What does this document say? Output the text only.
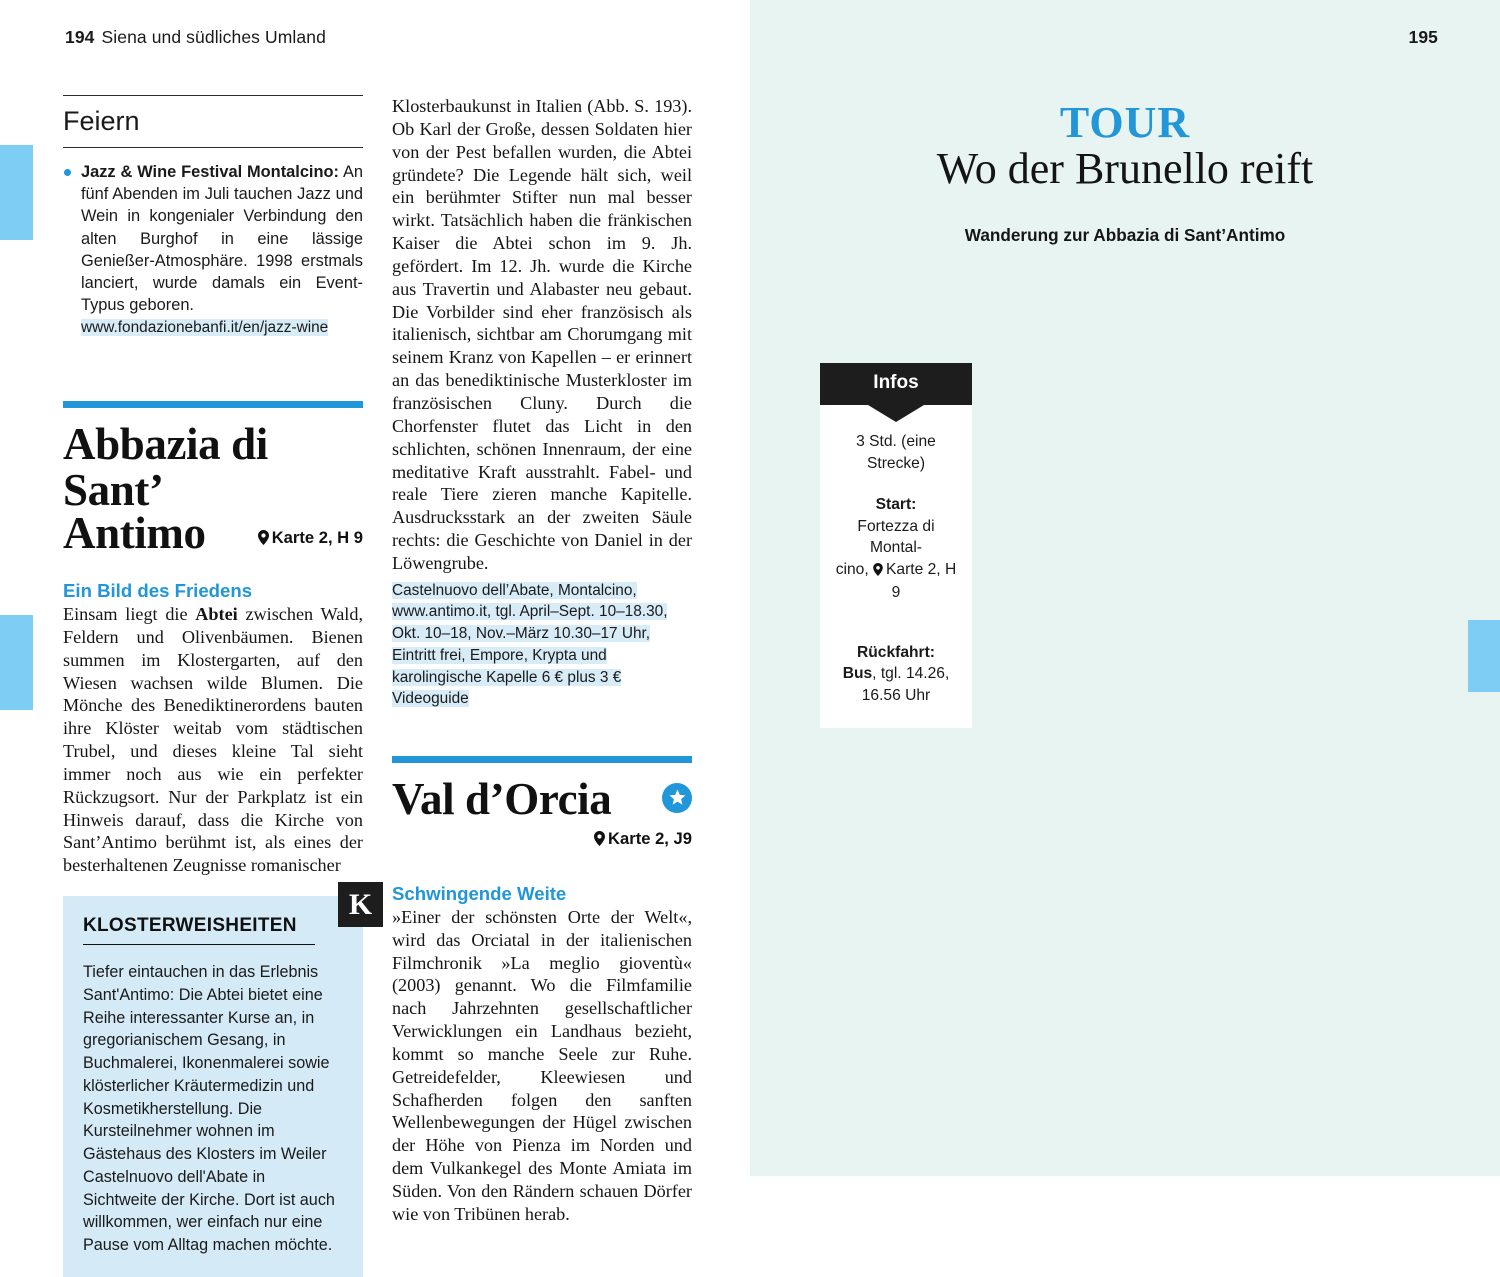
194 Siena und südliches Umland
Feiern
Jazz & Wine Festival Montalcino: An fünf Abenden im Juli tauchen Jazz und Wein in kongenialer Verbindung den alten Burghof in eine lässige Genießer-Atmosphäre. 1998 erstmals lanciert, wurde damals ein Event-Typus geboren.
www.fondazionebanfi.it/en/jazz-wine
Abbazia di Sant’
Antimo	Karte 2, H 9
Ein Bild des Friedens
Einsam liegt die Abtei zwischen Wald, Feldern und Olivenbäumen. Bienen summen im Klostergarten, auf den Wiesen wachsen wilde Blumen. Die Mönche des Benediktinerordens bauten ihre Klöster weitab vom städtischen Trubel, und dieses kleine Tal sieht immer noch aus wie ein perfekter Rückzugsort. Nur der Parkplatz ist ein Hinweis darauf, dass die Kirche von Sant’Antimo berühmt ist, als eines der besterhaltenen Zeugnisse romanischer
K
KLOSTERWEISHEITEN
Tiefer eintauchen in das Erlebnis Sant'Antimo: Die Abtei bietet eine Reihe interessanter Kurse an, in gregorianischem Gesang, in Buchmalerei, Ikonenmalerei sowie klösterlicher Kräutermedizin und Kosmetikherstellung. Die Kursteilnehmer wohnen im Gästehaus des Klosters im Weiler Castelnuovo dell'Abate in Sichtweite der Kirche. Dort ist auch willkommen, wer einfach nur eine Pause vom Alltag machen möchte.
Klosterbaukunst in Italien (Abb. S. 193). Ob Karl der Große, dessen Soldaten hier von der Pest befallen wurden, die Abtei gründete? Die Legende hält sich, weil ein berühmter Stifter nun mal besser wirkt. Tatsächlich haben die fränkischen Kaiser die Abtei schon im 9. Jh. gefördert. Im 12. Jh. wurde die Kirche aus Travertin und Alabaster neu gebaut. Die Vorbilder sind eher französisch als italienisch, sichtbar am Chorumgang mit seinem Kranz von Kapellen – er erinnert an das benediktinische Musterkloster im französischen Cluny. Durch die Chorfenster flutet das Licht in den schlichten, schönen Innenraum, der eine meditative Kraft ausstrahlt. Fabel- und reale Tiere zieren manche Kapitelle. Ausdrucksstark an der zweiten Säule rechts: die Geschichte von Daniel in der Löwengrube.
Castelnuovo dell’Abate, Montalcino, www.antimo.it, tgl. April–Sept. 10–18.30, Okt. 10–18, Nov.–März 10.30–17 Uhr, Eintritt frei, Empore, Krypta und karolingische Kapelle 6 € plus 3 € Videoguide
Val d’Orcia
Karte 2, J9
Schwingende Weite
»Einer der schönsten Orte der Welt«, wird das Orciatal in der italienischen Filmchronik »La meglio gioventù« (2003) genannt. Wo die Filmfamilie nach Jahrzehnten gesellschaftlicher Verwicklungen ein Landhaus bezieht, kommt so manche Seele zur Ruhe. Getreidefelder, Kleewiesen und Schafherden folgen den sanften Wellenbewegungen der Hügel zwischen der Höhe von Pienza im Norden und dem Vulkankegel des Monte Amiata im Süden. Von den Rändern schauen Dörfer wie von Tribünen herab.
195
TOUR
Wo der Brunello reift
Wanderung zur Abbazia di Sant’Antimo
Infos
3 Std. (eine Strecke)
Start:
Fortezza di Montal-
cino, Karte 2, H 9
Rückfahrt:
Bus, tgl. 14.26, 16.56 Uhr
